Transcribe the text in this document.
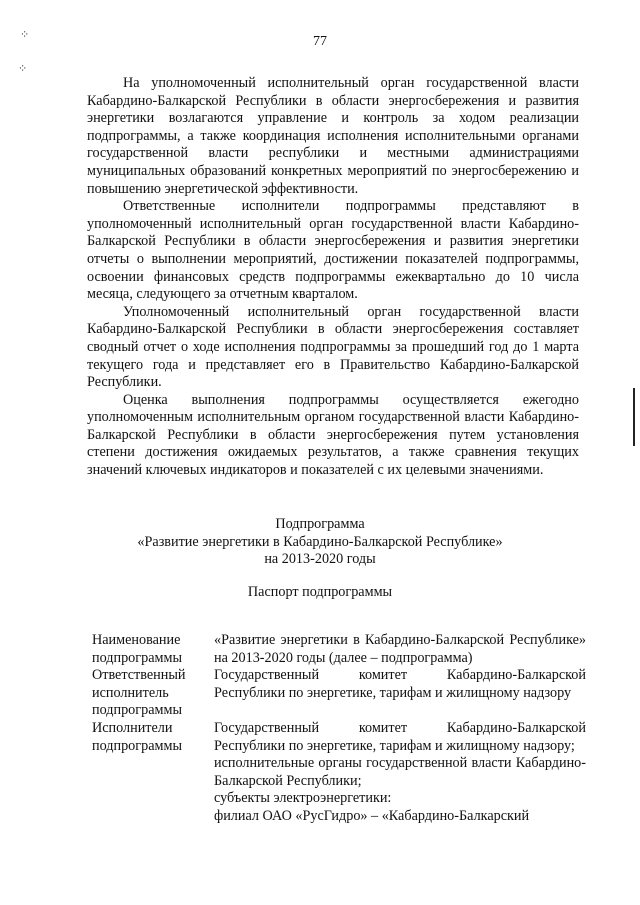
77
⁘
⁘

На уполномоченный исполнительный орган государственной власти Кабардино-Балкарской Республики в области энергосбережения и развития энергетики возлагаются управление и контроль за ходом реализации подпрограммы, а также координация исполнения исполнительными органами государственной власти республики и местными администрациями муниципальных образований конкретных мероприятий по энергосбережению и повышению энергетической эффективности.

Ответственные исполнители подпрограммы представляют в уполномоченный исполнительный орган государственной власти Кабардино-Балкарской Республики в области энергосбережения и развития энергетики отчеты о выполнении мероприятий, достижении показателей подпрограммы, освоении финансовых средств подпрограммы ежеквартально до 10 числа месяца, следующего за отчетным кварталом.

Уполномоченный исполнительный орган государственной власти Кабардино-Балкарской Республики в области энергосбережения составляет сводный отчет о ходе исполнения подпрограммы за прошедший год до 1 марта текущего года и представляет его в Правительство Кабардино-Балкарской Республики.

Оценка выполнения подпрограммы осуществляется ежегодно уполномоченным исполнительным органом государственной власти Кабардино-Балкарской Республики в области энергосбережения путем установления степени достижения ожидаемых результатов, а также сравнения текущих значений ключевых индикаторов и показателей с их целевыми значениями.

Подпрограмма
«Развитие энергетики в Кабардино-Балкарской Республике»
на 2013-2020 годы
Паспорт подпрограммы
Наименование подпрограммы

«Развитие энергетики в Кабардино-Балкарской Республике» на 2013-2020 годы (далее – подпрограмма)

Ответственный исполнитель подпрограммы

Государственный комитет Кабардино-Балкарской Республики по энергетике, тарифам и жилищному надзору

Исполнители подпрограммы

Государственный комитет Кабардино-Балкарской Республики по энергетике, тарифам и жилищному надзору;

исполнительные органы государственной власти Кабардино-Балкарской Республики;

субъекты электроэнергетики:

филиал ОАО «РусГидро» – «Кабардино-Балкарский
